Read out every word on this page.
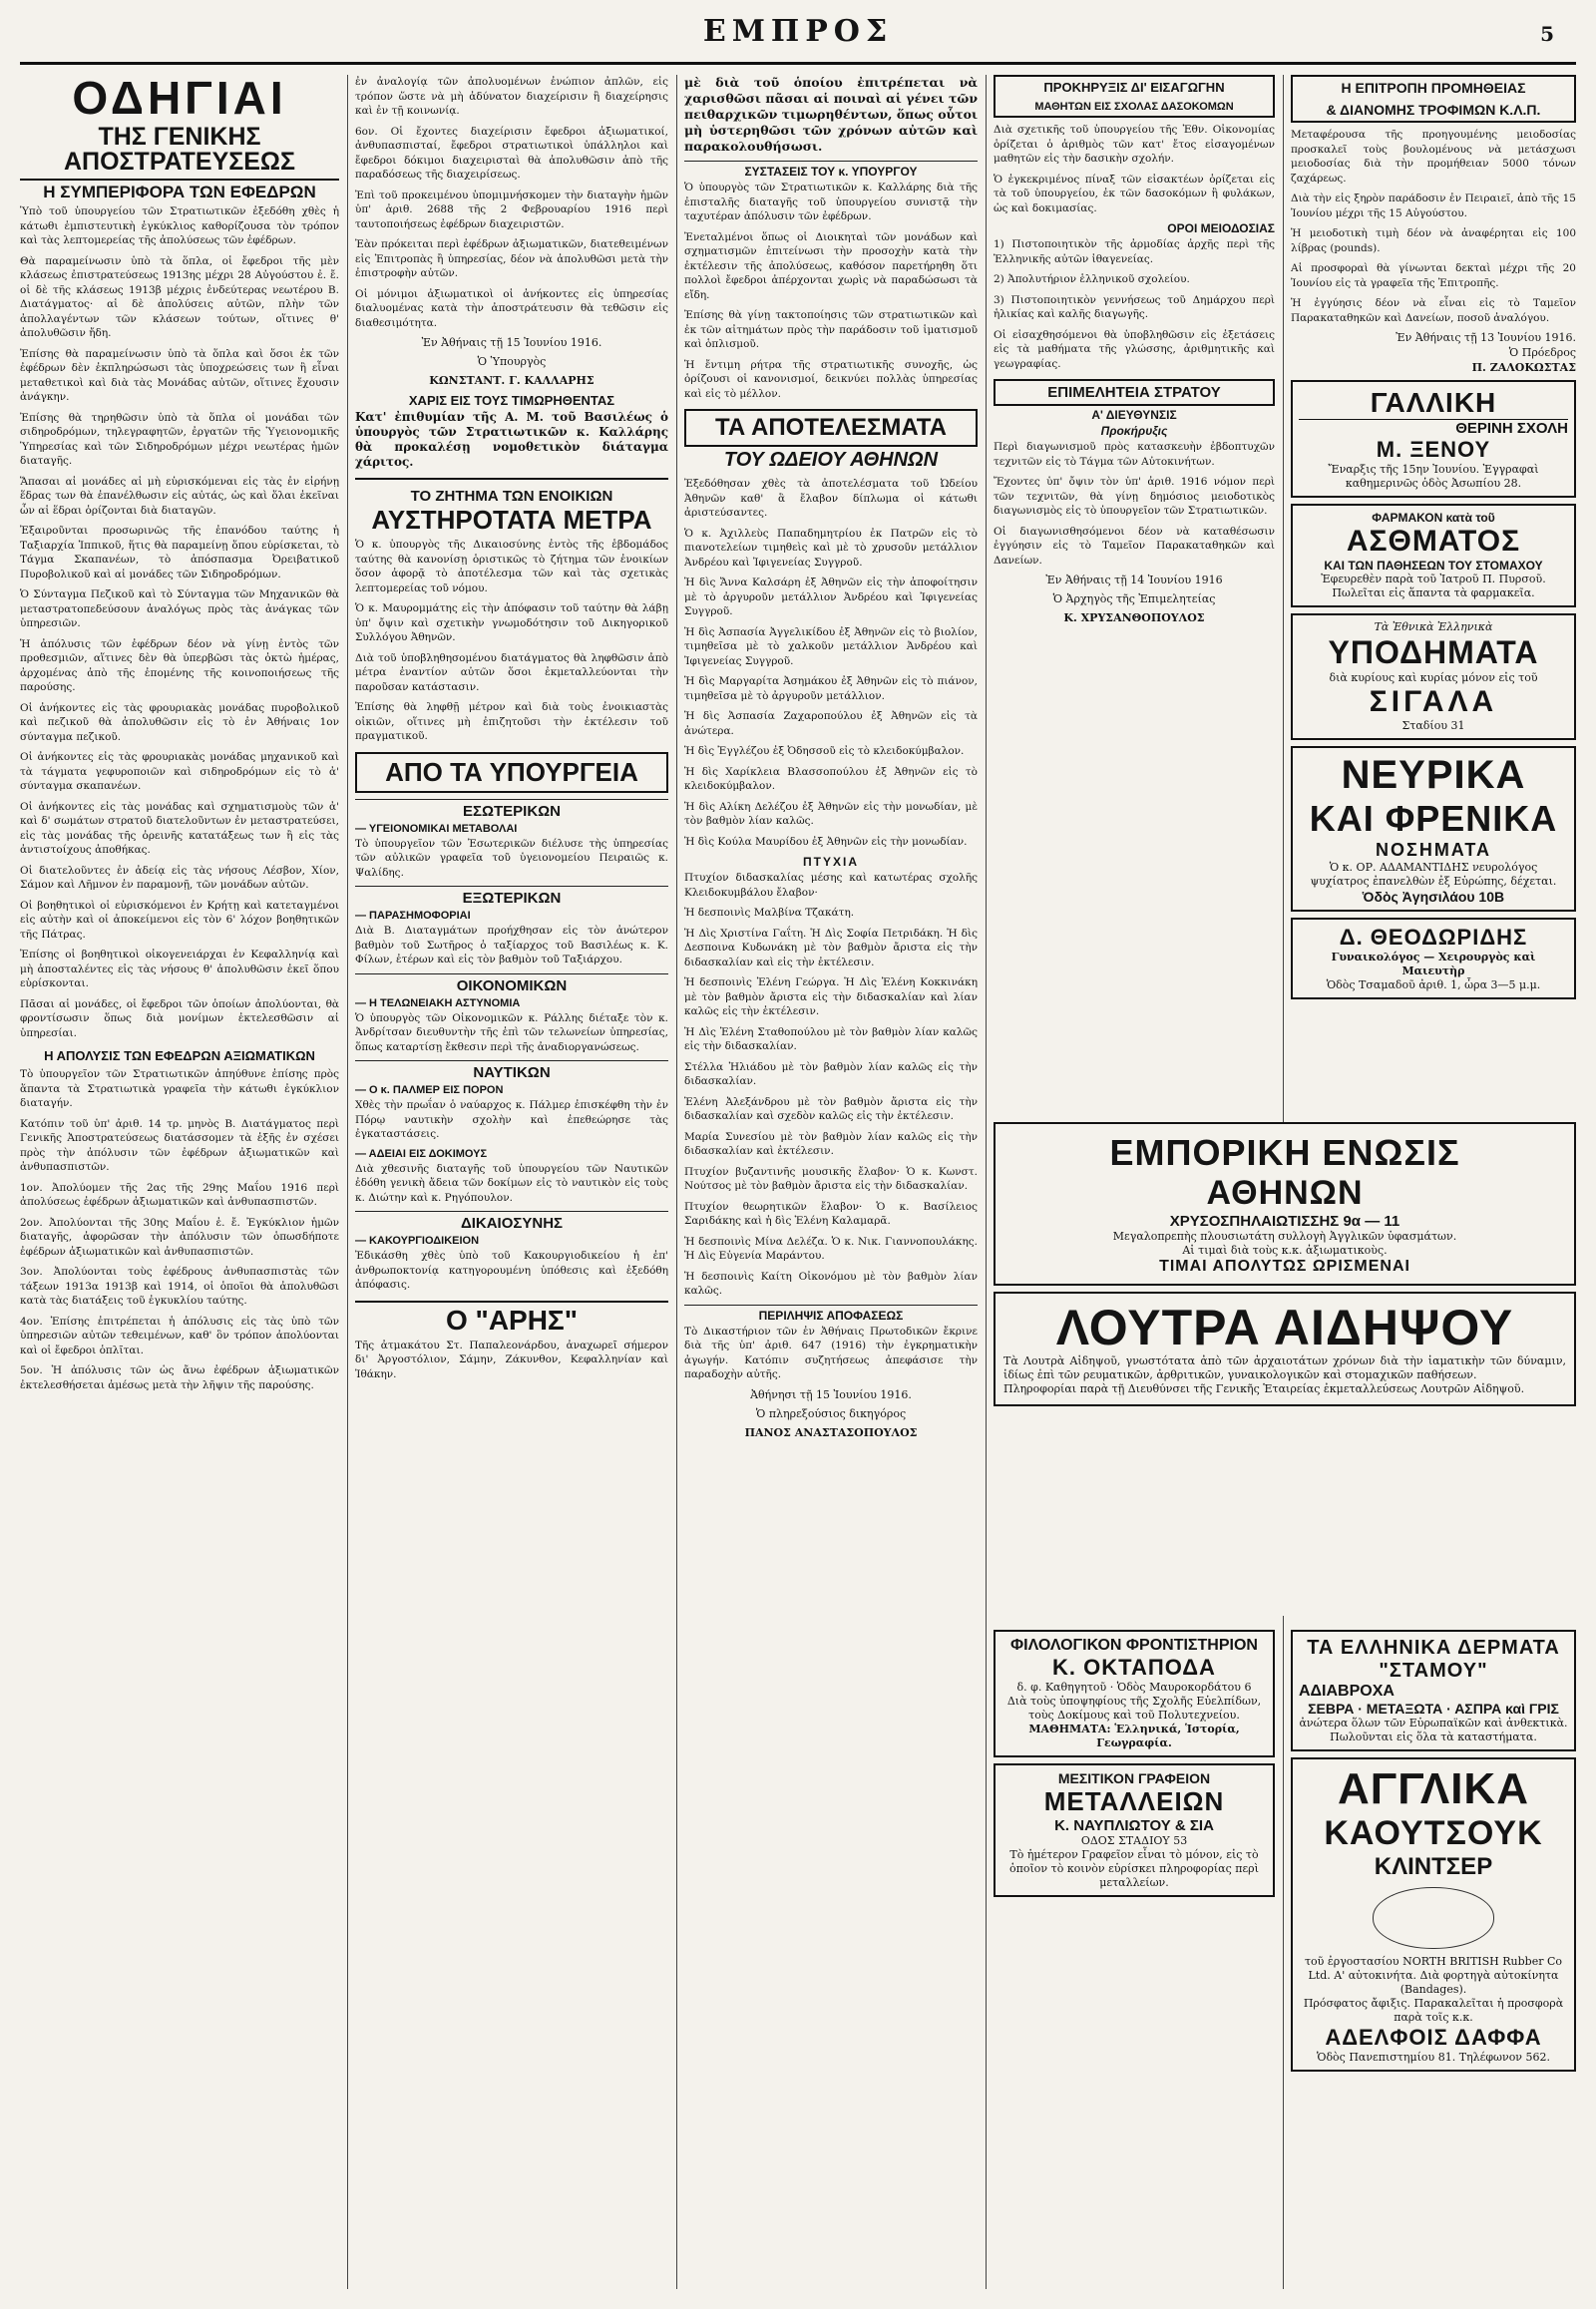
ΕΜΠΡΟΣ	5
ΟΔΗΓΙΑΙ
ΤΗΣ ΓΕΝΙΚΗΣ ΑΠΟΣΤΡΑΤΕΥΣΕΩΣ
Η ΣΥΜΠΕΡΙΦΟΡΑ ΤΩΝ ΕΦΕΔΡΩΝ

Ὑπὸ τοῦ ὑπουργείου τῶν Στρατιωτικῶν ἐξεδόθη χθὲς ἡ κάτωθι ἐμπιστευτικὴ ἐγκύκλιος καθορίζουσα τὸν τρόπον καὶ τὰς λεπτομερείας τῆς ἀπολύσεως τῶν ἐφέδρων.

Θὰ παραμείνωσιν ὑπὸ τὰ ὅπλα, οἱ ἔφεδροι τῆς μὲν κλάσεως ἐπιστρατεύσεως 1913ης μέχρι 28 Αὐγούστου ἐ. ἔ. οἱ δὲ τῆς κλάσεως 1913β μέχρις ἐνδεύτερας νεωτέρου Β. Διατάγματος· αἱ δὲ ἀπολύσεις αὐτῶν, πλὴν τῶν ἀπολλαγέντων τῶν κλάσεων τούτων, οἵτινες θ' ἀπολυθῶσιν ἤδη.

Ἐπίσης θὰ παραμείνωσιν ὑπὸ τὰ ὅπλα καὶ ὅσοι ἐκ τῶν ἐφέδρων δὲν ἐκπληρώσωσι τὰς ὑποχρεώσεις των ἢ εἶναι μεταθετικοὶ καὶ διὰ τὰς Μονάδας αὐτῶν, οἵτινες ἔχουσιν ἀνάγκην.

Ἐπίσης θὰ τηρηθῶσιν ὑπὸ τὰ ὅπλα οἱ μονάδαι τῶν σιδηροδρόμων, τηλεγραφητῶν, ἐργατῶν τῆς Ὑγειονομικῆς Ὑπηρεσίας καὶ τῶν Σιδηροδρόμων μέχρι νεωτέρας ἡμῶν διαταγῆς.

Ἅπασαι αἱ μονάδες αἱ μὴ εὑρισκόμεναι εἰς τὰς ἐν εἰρήνῃ ἕδρας των θὰ ἐπανέλθωσιν εἰς αὐτάς, ὡς καὶ ὅλαι ἐκεῖναι ὧν αἱ ἕδραι ὁρίζονται διὰ διαταγῶν.

Ἐξαιροῦνται προσωρινῶς τῆς ἐπανόδου ταύτης ἡ Ταξιαρχία Ἱππικοῦ, ἥτις θὰ παραμείνῃ ὅπου εὑρίσκεται, τὸ Τάγμα Σκαπανέων, τὸ ἀπόσπασμα Ὀρειβατικοῦ Πυροβολικοῦ καὶ αἱ μονάδες τῶν Σιδηροδρόμων.

Ὁ Σύνταγμα Πεζικοῦ καὶ τὸ Σύνταγμα τῶν Μηχανικῶν θὰ μεταστρατοπεδεύσουν ἀναλόγως πρὸς τὰς ἀνάγκας τῶν ὑπηρεσιῶν.

Ἡ ἀπόλυσις τῶν ἐφέδρων δέον νὰ γίνῃ ἐντὸς τῶν προθεσμιῶν, αἵτινες δὲν θὰ ὑπερβῶσι τὰς ὀκτὼ ἡμέρας, ἀρχομένας ἀπὸ τῆς ἐπομένης τῆς κοινοποιήσεως τῆς παρούσης.

Οἱ ἀνήκοντες εἰς τὰς φρουριακὰς μονάδας πυροβολικοῦ καὶ πεζικοῦ θὰ ἀπολυθῶσιν εἰς τὸ ἐν Ἀθήναις 1ον σύνταγμα πεζικοῦ.

Οἱ ἀνήκοντες εἰς τὰς φρουριακὰς μονάδας μηχανικοῦ καὶ τὰ τάγματα γεφυροποιῶν καὶ σιδηροδρόμων εἰς τὸ ἀ' σύνταγμα σκαπανέων.

Οἱ ἀνήκοντες εἰς τὰς μονάδας καὶ σχηματισμοὺς τῶν ἀ' καὶ δ' σωμάτων στρατοῦ διατελοῦντων ἐν μεταστρατεύσει, εἰς τὰς μονάδας τῆς ὀρεινῆς κατατάξεως των ἢ εἰς τὰς ἀντιστοίχους ἀποθήκας.

Οἱ διατελοῦντες ἐν ἀδείᾳ εἰς τὰς νήσους Λέσβον, Χίον, Σάμον καὶ Λῆμνον ἐν παραμονῇ, τῶν μονάδων αὐτῶν.

Οἱ βοηθητικοὶ οἱ εὑρισκόμενοι ἐν Κρήτῃ καὶ κατεταγμένοι εἰς αὐτὴν καὶ οἱ ἀποκείμενοι εἰς τὸν 6' λόχον βοηθητικῶν τῆς Πάτρας.

Ἐπίσης οἱ βοηθητικοὶ οἰκογενειάρχαι ἐν Κεφαλληνίᾳ καὶ μὴ ἀποσταλέντες εἰς τὰς νήσους θ' ἀπολυθῶσιν ἐκεῖ ὅπου εὑρίσκονται.

Πᾶσαι αἱ μονάδες, οἱ ἔφεδροι τῶν ὁποίων ἀπολύονται, θὰ φροντίσωσιν ὅπως διὰ μονίμων ἐκτελεσθῶσιν αἱ ὑπηρεσίαι.

Η ΑΠΟΛΥΣΙΣ ΤΩΝ ΕΦΕΔΡΩΝ ΑΞΙΩΜΑΤΙΚΩΝ

Τὸ ὑπουργεῖον τῶν Στρατιωτικῶν ἀπηύθυνε ἐπίσης πρὸς ἅπαντα τὰ Στρατιωτικὰ γραφεῖα τὴν κάτωθι ἐγκύκλιον διαταγήν.

Κατόπιν τοῦ ὑπ' ἀριθ. 14 τρ. μηνὸς Β. Διατάγματος περὶ Γενικῆς Ἀποστρατεύσεως διατάσσομεν τὰ ἑξῆς ἐν σχέσει πρὸς τὴν ἀπόλυσιν τῶν ἐφέδρων ἀξιωματικῶν καὶ ἀνθυπασπιστῶν.

1ον. Ἀπολύομεν τῆς 2ας τῆς 29ης Μαΐου 1916 περὶ ἀπολύσεως ἐφέδρων ἀξιωματικῶν καὶ ἀνθυπασπιστῶν.

2ον. Ἀπολύονται τῆς 30ης Μαΐου ἐ. ἔ. Ἐγκύκλιον ἡμῶν διαταγῆς, ἀφορῶσαν τὴν ἀπόλυσιν τῶν ὁπωσδήποτε ἐφέδρων ἀξιωματικῶν καὶ ἀνθυπασπιστῶν.

3ον. Ἀπολύονται τοὺς ἐφέδρους ἀνθυπασπιστὰς τῶν τάξεων 1913α 1913β καὶ 1914, οἱ ὁποῖοι θὰ ἀπολυθῶσι κατὰ τὰς διατάξεις τοῦ ἐγκυκλίου ταύτης.

4ον. Ἐπίσης ἐπιτρέπεται ἡ ἀπόλυσις εἰς τὰς ὑπὸ τῶν ὑπηρεσιῶν αὐτῶν τεθειμένων, καθ' ὃν τρόπον ἀπολύονται καὶ οἱ ἔφεδροι ὁπλῖται.

5ον. Ἡ ἀπόλυσις τῶν ὡς ἄνω ἐφέδρων ἀξιωματικῶν ἐκτελεσθήσεται ἀμέσως μετὰ τὴν λῆψιν τῆς παρούσης.

ἐν ἀναλογίᾳ τῶν ἀπολυομένων ἐνώπιον ἀπλῶν, εἰς τρόπον ὥστε νὰ μὴ ἀδύνατον διαχείρισιν ἢ διαχείρησις καὶ ἐν τῇ κοινωνίᾳ.

6ον. Οἱ ἔχοντες διαχείρισιν ἔφεδροι ἀξιωματικοί, ἀνθυπασπισταί, ἔφεδροι στρατιωτικοὶ ὑπάλληλοι καὶ ἔφεδροι δόκιμοι διαχειρισταὶ θὰ ἀπολυθῶσιν ἀπὸ τῆς παραδόσεως τῆς διαχειρίσεως.

Ἐπὶ τοῦ προκειμένου ὑπομιμνήσκομεν τὴν διαταγὴν ἡμῶν ὑπ' ἀριθ. 2688 τῆς 2 Φεβρουαρίου 1916 περὶ ταυτοποιήσεως ἐφέδρων διαχειριστῶν.

Ἐὰν πρόκειται περὶ ἐφέδρων ἀξιωματικῶν, διατεθειμένων εἰς Ἐπιτροπὰς ἢ ὑπηρεσίας, δέον νὰ ἀπολυθῶσι μετὰ τὴν ἐπιστροφὴν αὐτῶν.

Οἱ μόνιμοι ἀξιωματικοὶ οἱ ἀνήκοντες εἰς ὑπηρεσίας διαλυομένας κατὰ τὴν ἀποστράτευσιν θὰ τεθῶσιν εἰς διαθεσιμότητα.

Ἐν Ἀθήναις τῇ 15 Ἰουνίου 1916.
Ὁ Ὑπουργὸς
ΚΩΝΣΤΑΝΤ. Γ. ΚΑΛΛΑΡΗΣ
ΧΑΡΙΣ ΕΙΣ ΤΟΥΣ ΤΙΜΩΡΗΘΕΝΤΑΣ

Κατ' ἐπιθυμίαν τῆς Α. Μ. τοῦ Βασιλέως ὁ ὑπουργὸς τῶν Στρατιωτικῶν κ. Καλλάρης θὰ προκαλέσῃ νομοθετικὸν διάταγμα χάριτος.

ΤΟ ΖΗΤΗΜΑ ΤΩΝ ΕΝΟΙΚΙΩΝ
ΑΥΣΤΗΡΟΤΑΤΑ ΜΕΤΡΑ

Ὁ κ. ὑπουργὸς τῆς Δικαιοσύνης ἐντὸς τῆς ἑβδομάδος ταύτης θὰ κανονίσῃ ὁριστικῶς τὸ ζήτημα τῶν ἐνοικίων ὅσον ἀφορᾷ τὸ ἀποτέλεσμα τῶν καὶ τὰς σχετικὰς λεπτομερείας τοῦ νόμου.

Ὁ κ. Μαυρομμάτης εἰς τὴν ἀπόφασιν τοῦ ταύτην θὰ λάβῃ ὑπ' ὄψιν καὶ σχετικὴν γνωμοδότησιν τοῦ Δικηγορικοῦ Συλλόγου Ἀθηνῶν.

Διὰ τοῦ ὑποβληθησομένου διατάγματος θὰ ληφθῶσιν ἀπὸ μέτρα ἐναντίον αὐτῶν ὅσοι ἐκμεταλλεύονται τὴν παροῦσαν κατάστασιν.

Ἐπίσης θὰ ληφθῇ μέτρον καὶ διὰ τοὺς ἐνοικιαστὰς οἰκιῶν, οἵτινες μὴ ἐπιζητοῦσι τὴν ἐκτέλεσιν τοῦ πραγματικοῦ.

ΑΠΟ ΤΑ ΥΠΟΥΡΓΕΙΑ
ΕΣΩΤΕΡΙΚΩΝ
— ΥΓΕΙΟΝΟΜΙΚΑΙ ΜΕΤΑΒΟΛΑΙ

Τὸ ὑπουργεῖον τῶν Ἐσωτερικῶν διέλυσε τὴς ὑπηρεσίας τῶν αὐλικῶν γραφεῖα τοῦ ὑγειονομείου Πειραιῶς κ. Ψαλίδης.

ΕΞΩΤΕΡΙΚΩΝ
— ΠΑΡΑΣΗΜΟΦΟΡΙΑΙ

Διὰ Β. Διαταγμάτων προήχθησαν εἰς τὸν ἀνώτερον βαθμὸν τοῦ Σωτῆρος ὁ ταξίαρχος τοῦ Βασιλέως κ. Κ. Φίλων, ἐτέρων καὶ εἰς τὸν βαθμὸν τοῦ Ταξιάρχου.

ΟΙΚΟΝΟΜΙΚΩΝ
— Η ΤΕΛΩΝΕΙΑΚΗ ΑΣΤΥΝΟΜΙΑ

Ὁ ὑπουργὸς τῶν Οἰκονομικῶν κ. Ράλλης διέταξε τὸν κ. Ἀνδρίτσαν διευθυντὴν τῆς ἐπὶ τῶν τελωνείων ὑπηρεσίας, ὅπως καταρτίσῃ ἔκθεσιν περὶ τῆς ἀναδιοργανώσεως.

ΝΑΥΤΙΚΩΝ
— Ο κ. ΠΑΛΜΕΡ ΕΙΣ ΠΟΡΟΝ

Χθὲς τὴν πρωΐαν ὁ ναύαρχος κ. Πάλμερ ἐπισκέφθη τὴν ἐν Πόρῳ ναυτικὴν σχολὴν καὶ ἐπεθεώρησε τὰς ἐγκαταστάσεις.

— ΑΔΕΙΑΙ ΕΙΣ ΔΟΚΙΜΟΥΣ

Διὰ χθεσινῆς διαταγῆς τοῦ ὑπουργείου τῶν Ναυτικῶν ἐδόθη γενικὴ ἄδεια τῶν δοκίμων εἰς τὸ ναυτικὸν εἰς τοὺς κ. Διώτην καὶ κ. Ρηγόπουλον.

ΔΙΚΑΙΟΣΥΝΗΣ
— ΚΑΚΟΥΡΓΙΟΔΙΚΕΙΟΝ

Ἐδικάσθη χθὲς ὑπὸ τοῦ Κακουργιοδικείου ἡ ἐπ' ἀνθρωποκτονίᾳ κατηγορουμένη ὑπόθεσις καὶ ἐξεδόθη ἀπόφασις.

Ο "ΑΡΗΣ"

Τῆς ἀτμακάτου Στ. Παπαλεονάρδου, ἀναχωρεῖ σήμερον δι' Ἀργοστόλιον, Σάμην, Ζάκυνθον, Κεφαλληνίαν καὶ Ἰθάκην.

μὲ διὰ τοῦ ὁποίου ἐπιτρέπεται νὰ χαρισθῶσι πᾶσαι αἱ ποιναὶ αἱ γένει τῶν πειθαρχικῶν τιμωρηθέντων, ὅπως οὗτοι μὴ ὑστερηθῶσι τῶν χρόνων αὐτῶν καὶ παρακολουθήσωσι.

ΣΥΣΤΑΣΕΙΣ ΤΟΥ κ. ΥΠΟΥΡΓΟΥ

Ὁ ὑπουργὸς τῶν Στρατιωτικῶν κ. Καλλάρης διὰ τῆς ἐπισταλῆς διαταγῆς τοῦ ὑπουργείου συνιστᾷ τὴν ταχυτέραν ἀπόλυσιν τῶν ἐφέδρων.

Ἐνεταλμένοι ὅπως οἱ Διοικηταὶ τῶν μονάδων καὶ σχηματισμῶν ἐπιτείνωσι τὴν προσοχὴν κατὰ τὴν ἐκτέλεσιν τῆς ἀπολύσεως, καθόσον παρετήρηθη ὅτι πολλοὶ ἔφεδροι ἀπέρχονται χωρὶς νὰ παραδώσωσι τὰ εἴδη.

Ἐπίσης θὰ γίνῃ τακτοποίησις τῶν στρατιωτικῶν καὶ ἐκ τῶν αἰτημάτων πρὸς τὴν παράδοσιν τοῦ ἱματισμοῦ καὶ ὁπλισμοῦ.

Ἡ ἔντιμη ρήτρα τῆς στρατιωτικῆς συνοχῆς, ὡς ὁρίζουσι οἱ κανονισμοί, δεικνύει πολλὰς ὑπηρεσίας καὶ εἰς τὸ μέλλον.

ΤΑ ΑΠΟΤΕΛΕΣΜΑΤΑ
ΤΟΥ ΩΔΕΙΟΥ ΑΘΗΝΩΝ

Ἐξεδόθησαν χθὲς τὰ ἀποτελέσματα τοῦ Ὠδείου Ἀθηνῶν καθ' ἃ ἔλαβον δίπλωμα οἱ κάτωθι ἀριστεύσαντες.

Ὁ κ. Ἀχιλλεὺς Παπαδημητρίου ἐκ Πατρῶν εἰς τὸ πιανοτελείων τιμηθεὶς καὶ μὲ τὸ χρυσοῦν μετάλλιον Ἀνδρέου καὶ Ἰφιγενείας Συγγροῦ.

Ἡ δὶς Ἄννα Καλσάρη ἐξ Ἀθηνῶν εἰς τὴν ἀποφοίτησιν μὲ τὸ ἀργυροῦν μετάλλιον Ἀνδρέου καὶ Ἰφιγενείας Συγγροῦ.

Ἡ δὶς Ἀσπασία Ἀγγελικίδου ἐξ Ἀθηνῶν εἰς τὸ βιολίον, τιμηθεῖσα μὲ τὸ χαλκοῦν μετάλλιον Ἀνδρέου καὶ Ἰφιγενείας Συγγροῦ.

Ἡ δὶς Μαργαρίτα Ἀσημάκου ἐξ Ἀθηνῶν εἰς τὸ πιάνον, τιμηθεῖσα μὲ τὸ ἀργυροῦν μετάλλιον.

Ἡ δὶς Ἀσπασία Ζαχαροπούλου ἐξ Ἀθηνῶν εἰς τὰ ἀνώτερα.

Ἡ δὶς Ἐγγλέζου ἐξ Ὀδησσοῦ εἰς τὸ κλειδοκύμβαλον.

Ἡ δὶς Χαρίκλεια Βλασσοπούλου ἐξ Ἀθηνῶν εἰς τὸ κλειδοκύμβαλον.

Ἡ δὶς Αλίκη Δελέζου ἐξ Ἀθηνῶν εἰς τὴν μονωδίαν, μὲ τὸν βαθμὸν λίαν καλῶς.

Ἡ δὶς Κούλα Μαυρίδου ἐξ Ἀθηνῶν εἰς τὴν μονωδίαν.

ΠΤΥΧΙΑ

Πτυχίον διδασκαλίας μέσης καὶ κατωτέρας σχολῆς Κλειδοκυμβάλου ἔλαβον·

Ἡ δεσποινὶς Μαλβίνα Τζακάτη.

Ἡ Δὶς Χριστίνα Γαΐτη. Ἡ Δὶς Σοφία Πετριδάκη. Ἡ δὶς Δεσποινα Κυδωνάκη μὲ τὸν βαθμὸν ἄριστα εἰς τὴν διδασκαλίαν καὶ εἰς τὴν ἐκτέλεσιν.

Ἡ δεσποινὶς Ἐλένη Γεώργα. Ἡ Δὶς Ἑλένη Κοκκινάκη μὲ τὸν βαθμὸν ἄριστα εἰς τὴν διδασκαλίαν καὶ λίαν καλῶς εἰς τὴν ἐκτέλεσιν.

Ἡ Δὶς Ἑλένη Σταθοπούλου μὲ τὸν βαθμὸν λίαν καλῶς εἰς τὴν διδασκαλίαν.

Στέλλα Ἠλιάδου μὲ τὸν βαθμὸν λίαν καλῶς εἰς τὴν διδασκαλίαν.

Ἑλένη Ἀλεξάνδρου μὲ τὸν βαθμὸν ἄριστα εἰς τὴν διδασκαλίαν καὶ σχεδὸν καλῶς εἰς τὴν ἐκτέλεσιν.

Μαρία Συνεσίου μὲ τὸν βαθμὸν λίαν καλῶς εἰς τὴν διδασκαλίαν καὶ ἐκτέλεσιν.

Πτυχίον βυζαντινῆς μουσικῆς ἔλαβον· Ὁ κ. Κωνστ. Νούτσος μὲ τὸν βαθμὸν ἄριστα εἰς τὴν διδασκαλίαν.

Πτυχίον θεωρητικῶν ἔλαβον· Ὁ κ. Βασίλειος Σαριδάκης καὶ ἡ δὶς Ἑλένη Καλαμαρᾶ.

Ἡ δεσποινὶς Μίνα Δελέζα. Ὁ κ. Νικ. Γιαννοπουλάκης. Ἡ Δὶς Εὐγενία Μαράντου.

Ἡ δεσποινὶς Καίτη Οἰκονόμου μὲ τὸν βαθμὸν λίαν καλῶς.

ΠΕΡΙΛΗΨΙΣ ΑΠΟΦΑΣΕΩΣ

Τὸ Δικαστήριον τῶν ἐν Ἀθήναις Πρωτοδικῶν ἔκρινε διὰ τῆς ὑπ' ἀριθ. 647 (1916) τὴν ἐγκρηματικὴν ἀγωγήν. Κατόπιν συζητήσεως ἀπεφάσισε τὴν παραδοχὴν αὐτῆς.

Ἀθήνησι τῇ 15 Ἰουνίου 1916.
Ὁ πληρεξούσιος δικηγόρος
ΠΑΝΟΣ ΑΝΑΣΤΑΣΟΠΟΥΛΟΣ
ΠΡΟΚΗΡΥΞΙΣ ΔΙ' ΕΙΣΑΓΩΓΗΝ
ΜΑΘΗΤΩΝ ΕΙΣ ΣΧΟΛΑΣ ΔΑΣΟΚΟΜΩΝ

Διὰ σχετικῆς τοῦ ὑπουργείου τῆς Ἐθν. Οἰκονομίας ὁρίζεται ὁ ἀριθμὸς τῶν κατ' ἔτος εἰσαγομένων μαθητῶν εἰς τὴν δασικὴν σχολήν.

Ὁ ἐγκεκριμένος πίναξ τῶν εἰσακτέων ὁρίζεται εἰς τὰ τοῦ ὑπουργείου, ἐκ τῶν δασοκόμων ἢ φυλάκων, ὡς καὶ δοκιμασίας.

ΟΡΟΙ ΜΕΙΟΔΟΣΙΑΣ

1) Πιστοποιητικὸν τῆς ἀρμοδίας ἀρχῆς περὶ τῆς Ἑλληνικῆς αὐτῶν ἰθαγενείας.

2) Ἀπολυτήριον ἑλληνικοῦ σχολείου.

3) Πιστοποιητικὸν γεννήσεως τοῦ Δημάρχου περὶ ἡλικίας καὶ καλῆς διαγωγῆς.

Οἱ εἰσαχθησόμενοι θὰ ὑποβληθῶσιν εἰς ἐξετάσεις εἰς τὰ μαθήματα τῆς γλώσσης, ἀριθμητικῆς καὶ γεωγραφίας.

ΕΠΙΜΕΛΗΤΕΙΑ ΣΤΡΑΤΟΥ
Α' ΔΙΕΥΘΥΝΣΙΣ
Προκήρυξις

Περὶ διαγωνισμοῦ πρὸς κατασκευὴν ἐβδοπτυχῶν τεχνιτῶν εἰς τὸ Τάγμα τῶν Αὐτοκινήτων.

Ἔχοντες ὑπ' ὄψιν τὸν ὑπ' ἀριθ. 1916 νόμον περὶ τῶν τεχνιτῶν, θὰ γίνῃ δημόσιος μειοδοτικὸς διαγωνισμὸς εἰς τὸ ὑπουργεῖον τῶν Στρατιωτικῶν.

Οἱ διαγωνισθησόμενοι δέον νὰ καταθέσωσιν ἐγγύησιν εἰς τὸ Ταμεῖον Παρακαταθηκῶν καὶ Δανείων.

Ἐν Ἀθήναις τῇ 14 Ἰουνίου 1916
Ὁ Ἀρχηγὸς τῆς Ἐπιμελητείας
Κ. ΧΡΥΣΑΝΘΟΠΟΥΛΟΣ
ΦΙΛΟΛΟΓΙΚΟΝ ΦΡΟΝΤΙΣΤΗΡΙΟΝ
Κ. ΟΚΤΑΠΟΔΑ
δ. φ. Καθηγητοῦ · Ὁδὸς Μαυροκορδάτου 6
Διὰ τοὺς ὑποψηφίους τῆς Σχολῆς Εὐελπίδων, τοὺς Δοκίμους καὶ τοῦ Πολυτεχνείου.
ΜΑΘΗΜΑΤΑ: Ἑλληνικά, Ἱστορία, Γεωγραφία.
ΜΕΣΙΤΙΚΟΝ ΓΡΑΦΕΙΟΝ
ΜΕΤΑΛΛΕΙΩΝ
Κ. ΝΑΥΠΛΙΩΤΟΥ & ΣΙΑ
ΟΔΟΣ ΣΤΑΔΙΟΥ 53
Τὸ ἡμέτερον Γραφεῖον εἶναι τὸ μόνον, εἰς τὸ ὁποῖον τὸ κοινὸν εὑρίσκει πληροφορίας περὶ μεταλλείων.
Η ΕΠΙΤΡΟΠΗ ΠΡΟΜΗΘΕΙΑΣ
& ΔΙΑΝΟΜΗΣ ΤΡΟΦΙΜΩΝ Κ.Λ.Π.

Μεταφέρουσα τῆς προηγουμένης μειοδοσίας προσκαλεῖ τοὺς βουλομένους νὰ μετάσχωσι μειοδοσίας διὰ τὴν προμήθειαν 5000 τόνων ζαχάρεως.

Διὰ τὴν εἰς ξηρὸν παράδοσιν ἐν Πειραιεῖ, ἀπὸ τῆς 15 Ἰουνίου μέχρι τῆς 15 Αὐγούστου.

Ἡ μειοδοτικὴ τιμὴ δέον νὰ ἀναφέρηται εἰς 100 λίβρας (pounds).

Αἱ προσφοραὶ θὰ γίνωνται δεκταὶ μέχρι τῆς 20 Ἰουνίου εἰς τὰ γραφεῖα τῆς Ἐπιτροπῆς.

Ἡ ἐγγύησις δέον νὰ εἶναι εἰς τὸ Ταμεῖον Παρακαταθηκῶν καὶ Δανείων, ποσοῦ ἀναλόγου.

Ἐν Ἀθήναις τῇ 13 Ἰουνίου 1916.
Ὁ Πρόεδρος
Π. ΖΑΛΟΚΩΣΤΑΣ
ΓΑΛΛΙΚΗ
ΘΕΡΙΝΗ ΣΧΟΛΗ
Μ. ΞΕΝΟΥ
Ἔναρξις τῆς 15ην Ἰουνίου. Ἐγγραφαὶ καθημερινῶς ὁδὸς Ἀσωπίου 28.
ΦΑΡΜΑΚΟΝ κατὰ τοῦ
ΑΣΘΜΑΤΟΣ
ΚΑΙ ΤΩΝ ΠΑΘΗΣΕΩΝ ΤΟΥ ΣΤΟΜΑΧΟΥ
Ἐφευρεθὲν παρὰ τοῦ Ἰατροῦ Π. Πυρσοῦ. Πωλεῖται εἰς ἅπαντα τὰ φαρμακεῖα.
Τὰ Ἐθνικὰ Ἑλληνικὰ
ΥΠΟΔΗΜΑΤΑ
διὰ κυρίους καὶ κυρίας μόνον εἰς τοῦ
ΣΙΓΑΛΑ
Σταδίου 31
ΝΕΥΡΙΚΑ
ΚΑΙ ΦΡΕΝΙΚΑ
ΝΟΣΗΜΑΤΑ
Ὁ κ. ΟΡ. ΑΔΑΜΑΝΤΙΔΗΣ νευρολόγος ψυχίατρος ἐπανελθὼν ἐξ Εὐρώπης, δέχεται.
Ὁδὸς Ἀγησιλάου 10Β
Δ. ΘΕΟΔΩΡΙΔΗΣ
Γυναικολόγος — Χειρουργὸς καὶ Μαιευτὴρ
Ὁδὸς Τσαμαδοῦ ἀριθ. 1, ὧρα 3—5 μ.μ.
ΕΜΠΟΡΙΚΗ ΕΝΩΣΙΣ
ΑΘΗΝΩΝ
ΧΡΥΣΟΣΠΗΛΑΙΩΤΙΣΣΗΣ 9α — 11
Μεγαλοπρεπὴς πλουσιωτάτη συλλογὴ Ἀγγλικῶν ὑφασμάτων.
Αἱ τιμαὶ διὰ τοὺς κ.κ. ἀξιωματικοὺς.
ΤΙΜΑΙ ΑΠΟΛΥΤΩΣ ΩΡΙΣΜΕΝΑΙ
ΛΟΥΤΡΑ ΑΙΔΗΨΟΥ
Τὰ Λουτρὰ Αἰδηψοῦ, γνωστότατα ἀπὸ τῶν ἀρχαιοτάτων χρόνων διὰ τὴν ἰαματικὴν τῶν δύναμιν, ἰδίως ἐπὶ τῶν ρευματικῶν, ἀρθριτικῶν, γυναικολογικῶν καὶ στομαχικῶν παθήσεων.
Πληροφορίαι παρὰ τῇ Διευθύνσει τῆς Γενικῆς Ἑταιρείας ἐκμεταλλεύσεως Λουτρῶν Αἰδηψοῦ.
ΤΑ ΕΛΛΗΝΙΚΑ ΔΕΡΜΑΤΑ "ΣΤΑΜΟΥ"
ΑΔΙΑΒΡΟΧΑ
ΣΕΒΡΑ · ΜΕΤΑΞΩΤΑ · ΑΣΠΡΑ καὶ ΓΡΙΣ
ἀνώτερα ὅλων τῶν Εὐρωπαϊκῶν καὶ ἀνθεκτικὰ. Πωλοῦνται εἰς ὅλα τὰ καταστήματα.
ΑΓΓΛΙΚΑ
ΚΑΟΥΤΣΟΥΚ
ΚΛΙΝΤΣΕΡ
τοῦ ἐργοστασίου NORTH BRITISH Rubber Co Ltd. Α' αὐτοκινήτα. Διὰ φορτηγὰ αὐτοκίνητα (Bandages).
Πρόσφατος ἄφιξις. Παρακαλεῖται ἡ προσφορὰ παρὰ τοῖς κ.κ.
ΑΔΕΛΦΟΙΣ ΔΑΦΦΑ
Ὁδὸς Πανεπιστημίου 81. Τηλέφωνον 562.
